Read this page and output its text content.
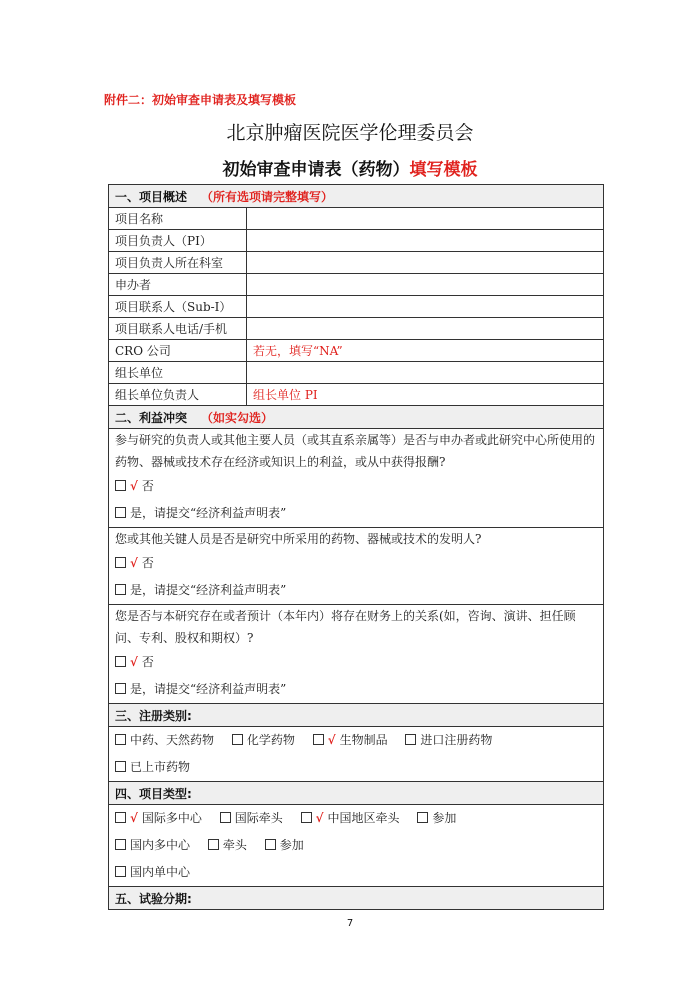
附件二：初始审查申请表及填写模板
北京肿瘤医院医学伦理委员会
初始审查申请表（药物）填写模板
一、项目概述 （所有选项请完整填写）	
项目名称	
项目负责人（PI）	
项目负责人所在科室	
申办者	
项目联系人（Sub-I）	
项目联系人电话/手机	
CRO 公司	若无，填写“NA”
组长单位	
组长单位负责人	组长单位 PI
二、利益冲突 （如实勾选）	

参与研究的负责人或其他主要人员（或其直系亲属等）是否与申办者或此研究中心所使用的药物、器械或技术存在经济或知识上的利益，或从中获得报酬?
√ 否
是，请提交“经济利益声明表”	

您或其他关键人员是否是研究中所采用的药物、器械或技术的发明人?
√ 否
是，请提交“经济利益声明表”	

您是否与本研究存在或者预计（本年内）将存在财务上的关系(如，咨询、演讲、担任顾问、专利、股权和期权）?
√ 否
是，请提交“经济利益声明表”	

三、注册类别:	

中药、天然药物 化学药物 √ 生物制品 进口注册药物
已上市药物	

四、项目类型:	

√ 国际多中心 国际牵头 √ 中国地区牵头 参加
国内多中心 牵头 参加
国内单中心	

五、试验分期:	
7
